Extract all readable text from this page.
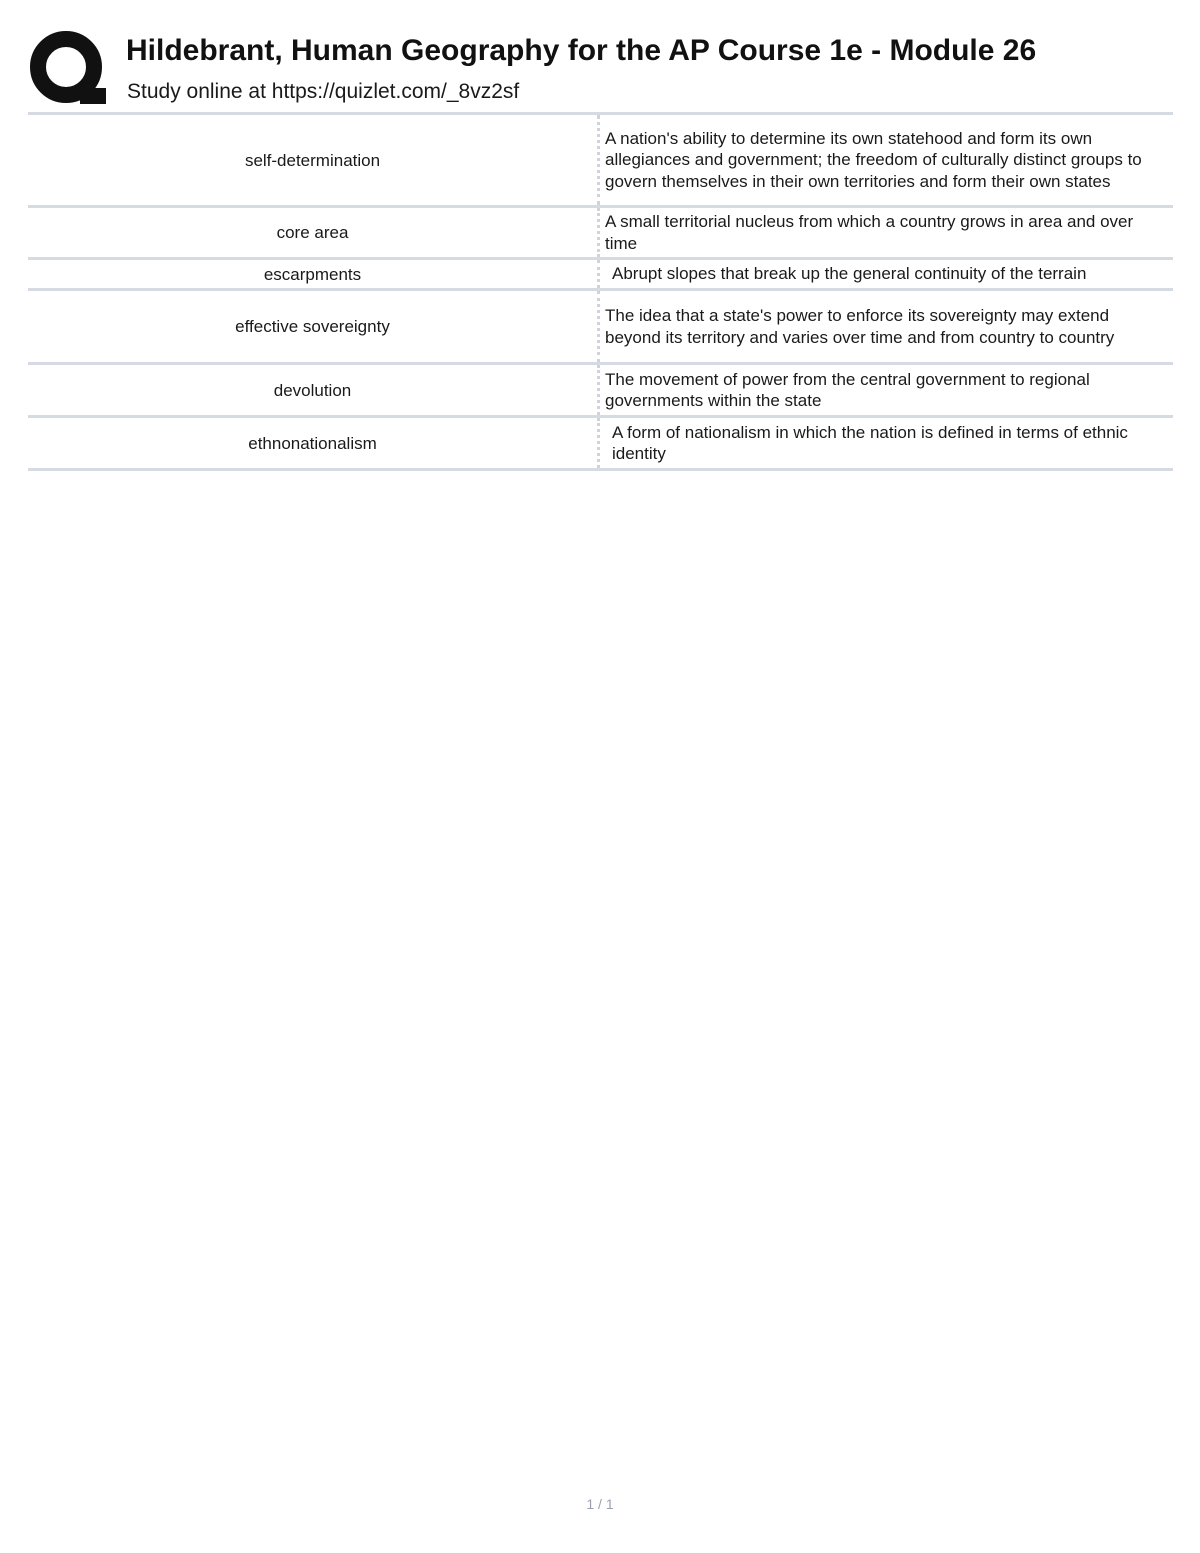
Hildebrant, Human Geography for the AP Course 1e - Module 26

Study online at https://quizlet.com/_8vz2sf

self-determination
A nation's ability to determine its own statehood and form its own allegiances and government; the freedom of culturally distinct groups to govern themselves in their own territories and form their own states
core area
A small territorial nucleus from which a country grows in area and over time
escarpments	Abrupt slopes that break up the general continuity of the terrain
effective sovereignty
The idea that a state's power to enforce its sovereignty may extend beyond its territory and varies over time and from country to country
devolution
The movement of power from the central government to regional governments within the state
ethnonationalism
A form of nationalism in which the nation is defined in terms of ethnic identity
1 / 1
